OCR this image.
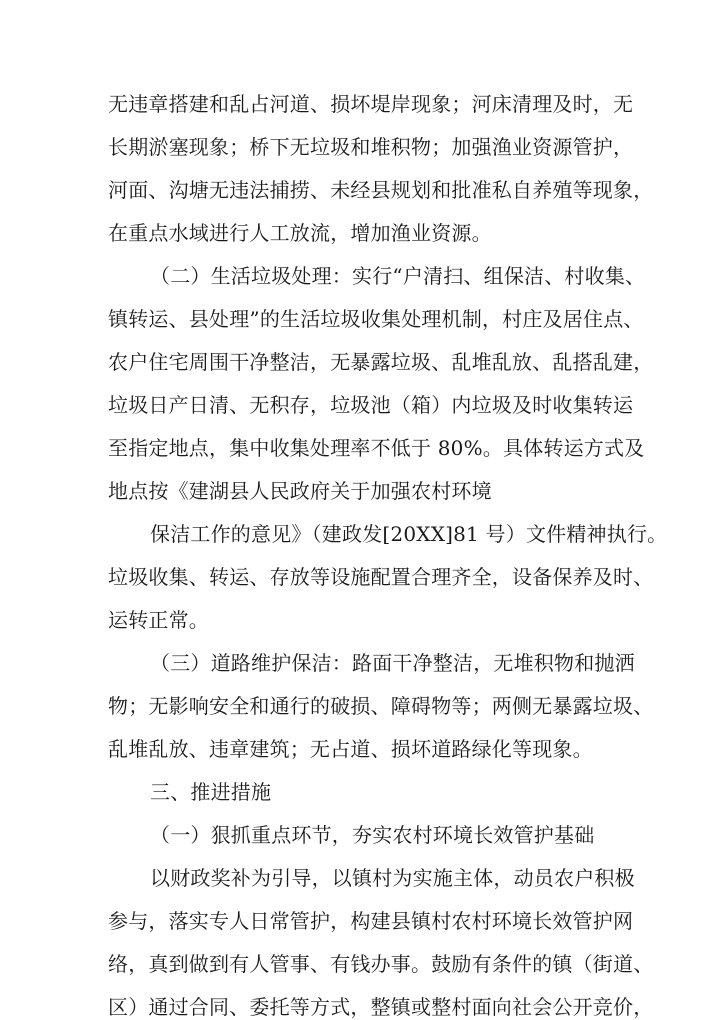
无违章搭建和乱占河道、损坏堤岸现象；河床清理及时，无
长期淤塞现象；桥下无垃圾和堆积物；加强渔业资源管护，
河面、沟塘无违法捕捞、未经县规划和批准私自养殖等现象，
在重点水域进行人工放流，增加渔业资源。
（二）生活垃圾处理：实行“户清扫、组保洁、村收集、
镇转运、县处理”的生活垃圾收集处理机制，村庄及居住点、
农户住宅周围干净整洁，无暴露垃圾、乱堆乱放、乱搭乱建，
垃圾日产日清、无积存，垃圾池（箱）内垃圾及时收集转运
至指定地点，集中收集处理率不低于 80%。具体转运方式及
地点按《建湖县人民政府关于加强农村环境
保洁工作的意见》（建政发[20XX]81 号）文件精神执行。
垃圾收集、转运、存放等设施配置合理齐全，设备保养及时、
运转正常。
（三）道路维护保洁：路面干净整洁，无堆积物和抛洒
物；无影响安全和通行的破损、障碍物等；两侧无暴露垃圾、
乱堆乱放、违章建筑；无占道、损坏道路绿化等现象。
三、推进措施
（一）狠抓重点环节，夯实农村环境长效管护基础
以财政奖补为引导，以镇村为实施主体，动员农户积极
参与，落实专人日常管护，构建县镇村农村环境长效管护网
络，真到做到有人管事、有钱办事。鼓励有条件的镇（街道、
区）通过合同、委托等方式，整镇或整村面向社会公开竞价，
